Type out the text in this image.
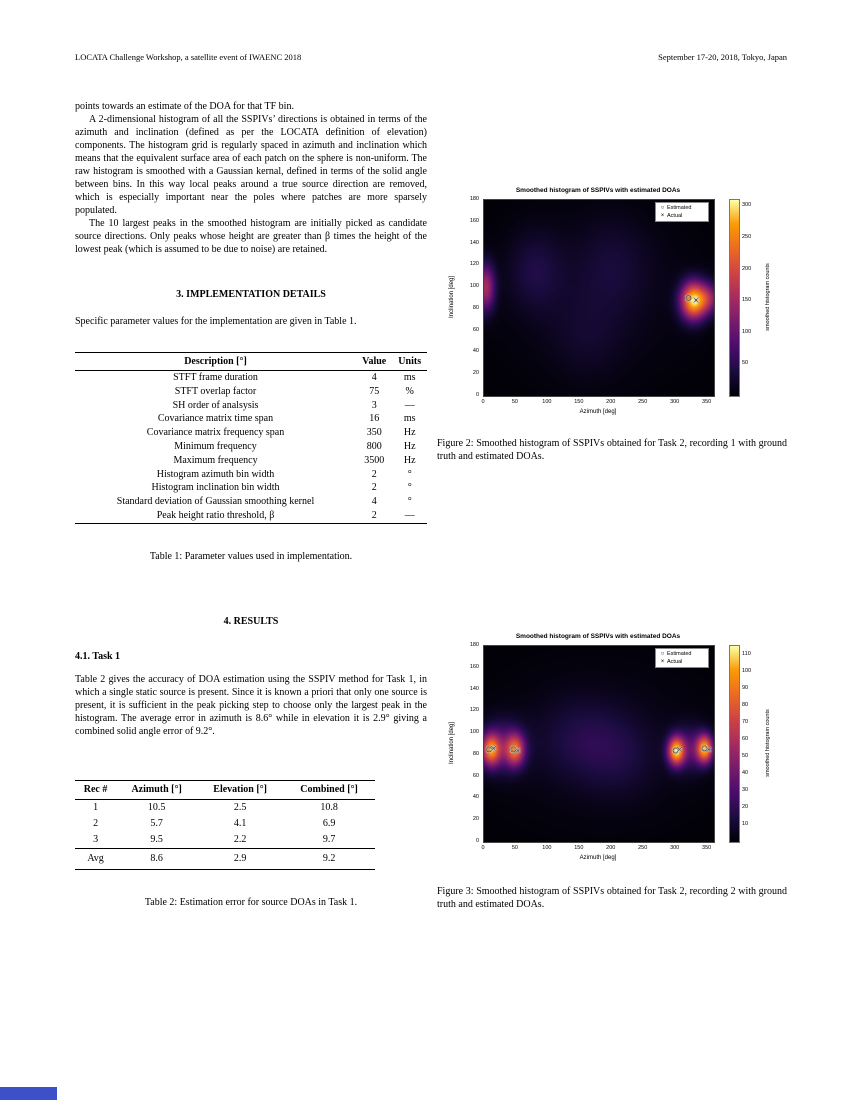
LOCATA Challenge Workshop, a satellite event of IWAENC 2018	September 17-20, 2018, Tokyo, Japan

points towards an estimate of the DOA for that TF bin.

A 2-dimensional histogram of all the SSPIVs’ directions is obtained in terms of the azimuth and inclination (defined as per the LOCATA definition of elevation) components. The histogram grid is regularly spaced in azimuth and inclination which means that the equivalent surface area of each patch on the sphere is non-uniform. The raw histogram is smoothed with a Gaussian kernal, defined in terms of the solid angle between bins. In this way local peaks around a true source direction are removed, which is especially important near the poles where patches are more sparsely populated.

The 10 largest peaks in the smoothed histogram are initially picked as candidate source directions. Only peaks whose height are greater than β times the height of the lowest peak (which is assumed to be due to noise) are retained.

3. IMPLEMENTATION DETAILS

Specific parameter values for the implementation are given in Table 1.

Description [°]	Value	Units
STFT frame duration	4	ms
STFT overlap factor	75	%
SH order of analsysis	3	—
Covariance matrix time span	16	ms
Covariance matrix frequency span	350	Hz
Minimum frequency	800	Hz
Maximum frequency	3500	Hz
Histogram azimuth bin width	2	°
Histogram inclination bin width	2	°
Standard deviation of Gaussian smoothing kernel	4	°
Peak height ratio threshold, β	2	—

Table 1: Parameter values used in implementation.

4. RESULTS
4.1. Task 1

Table 2 gives the accuracy of DOA estimation using the SSPIV method for Task 1, in which a single static source is present. Since it is known a priori that only one source is present, it is sufficient in the peak picking step to choose only the largest peak in the histogram. The average error in azimuth is 8.6° while in elevation it is 2.9° giving a combined solid angle error of 9.2°.

Rec #	Azimuth [°]	Elevation [°]	Combined [°]
1	10.5	2.5	10.8
2	5.7	4.1	6.9
3	9.5	2.2	9.7
Avg	8.6	2.9	9.2

Table 2: Estimation error for source DOAs in Task 1.

Smoothed histogram of SSPIVs with estimated DOAs
0
20
40
60
80
100
120
140
160
180
0	50	100	150	200	250	300	350
Azimuth [deg]
Inclination [deg]
○ Estimated
× Actual
50
100
150
200
250
300
smoothed histogram counts

Figure 2: Smoothed histogram of SSPIVs obtained for Task 2, recording 1 with ground truth and estimated DOAs.

Smoothed histogram of SSPIVs with estimated DOAs
0
20
40
60
80
100
120
140
160
180
0	50	100	150	200	250	300	350
Azimuth [deg]
Inclination [deg]
○ Estimated
× Actual
10
20
30
40
50
60
70
80
90
100
110
smoothed histogram counts

Figure 3: Smoothed histogram of SSPIVs obtained for Task 2, recording 2 with ground truth and estimated DOAs.
